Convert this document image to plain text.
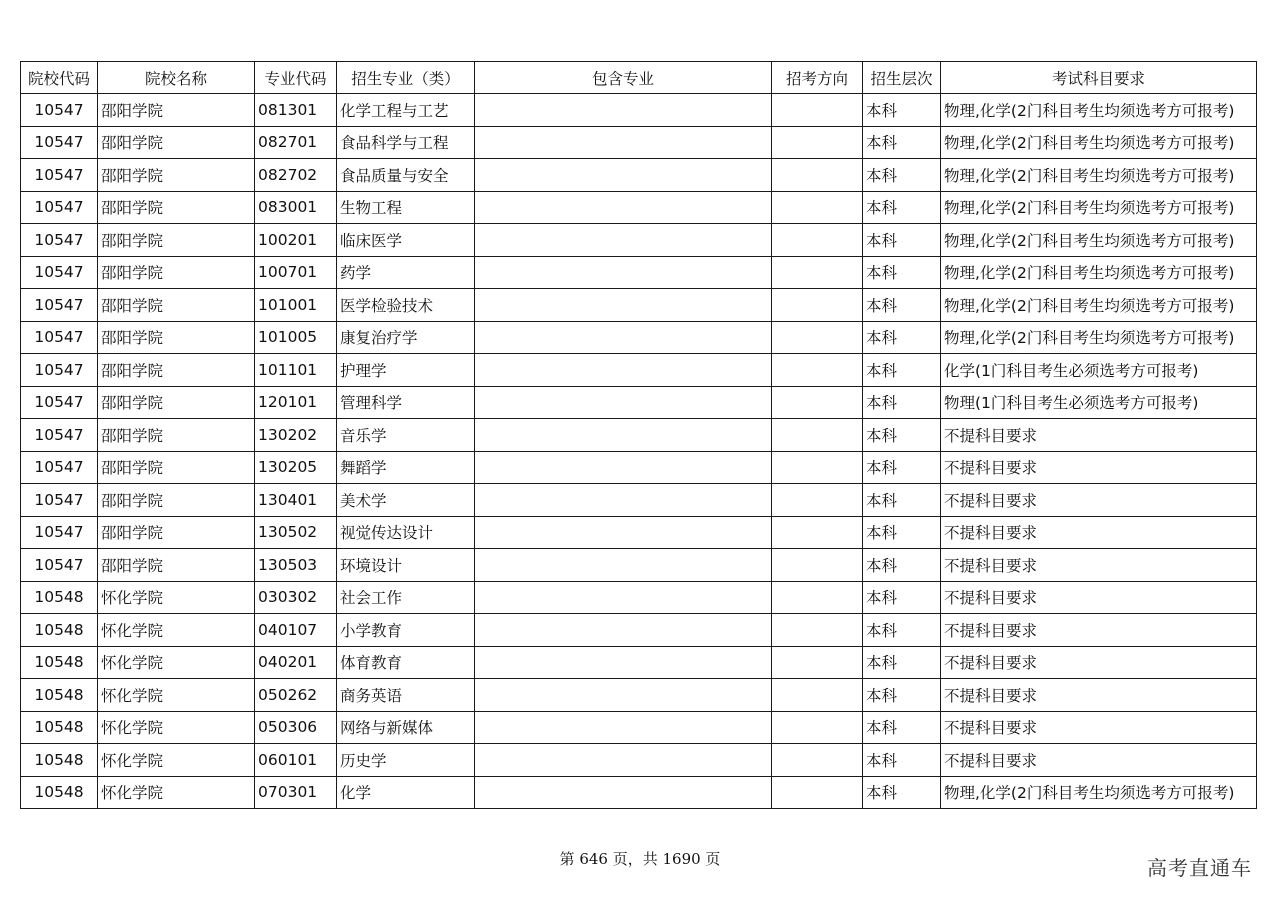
院校代码	院校名称	专业代码	招生专业（类）	包含专业	招考方向	招生层次	考试科目要求
10547	邵阳学院	081301	化学工程与工艺			本科	物理,化学(2门科目考生均须选考方可报考)
10547	邵阳学院	082701	食品科学与工程			本科	物理,化学(2门科目考生均须选考方可报考)
10547	邵阳学院	082702	食品质量与安全			本科	物理,化学(2门科目考生均须选考方可报考)
10547	邵阳学院	083001	生物工程			本科	物理,化学(2门科目考生均须选考方可报考)
10547	邵阳学院	100201	临床医学			本科	物理,化学(2门科目考生均须选考方可报考)
10547	邵阳学院	100701	药学			本科	物理,化学(2门科目考生均须选考方可报考)
10547	邵阳学院	101001	医学检验技术			本科	物理,化学(2门科目考生均须选考方可报考)
10547	邵阳学院	101005	康复治疗学			本科	物理,化学(2门科目考生均须选考方可报考)
10547	邵阳学院	101101	护理学			本科	化学(1门科目考生必须选考方可报考)
10547	邵阳学院	120101	管理科学			本科	物理(1门科目考生必须选考方可报考)
10547	邵阳学院	130202	音乐学			本科	不提科目要求
10547	邵阳学院	130205	舞蹈学			本科	不提科目要求
10547	邵阳学院	130401	美术学			本科	不提科目要求
10547	邵阳学院	130502	视觉传达设计			本科	不提科目要求
10547	邵阳学院	130503	环境设计			本科	不提科目要求
10548	怀化学院	030302	社会工作			本科	不提科目要求
10548	怀化学院	040107	小学教育			本科	不提科目要求
10548	怀化学院	040201	体育教育			本科	不提科目要求
10548	怀化学院	050262	商务英语			本科	不提科目要求
10548	怀化学院	050306	网络与新媒体			本科	不提科目要求
10548	怀化学院	060101	历史学			本科	不提科目要求
10548	怀化学院	070301	化学			本科	物理,化学(2门科目考生均须选考方可报考)
第 646 页，共 1690 页	高考直通车
